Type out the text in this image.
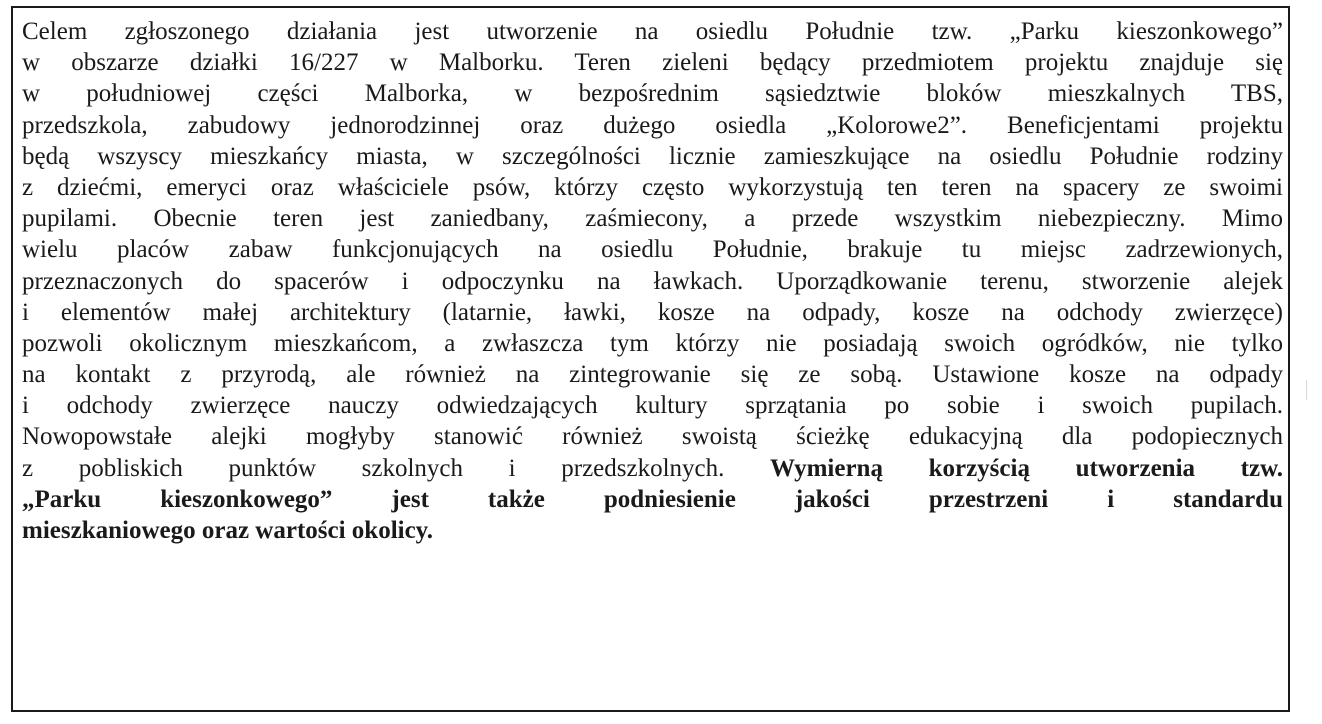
Celem zgłoszonego działania jest utworzenie na osiedlu Południe tzw. „Parku kieszonkowego”
w obszarze działki 16/227 w Malborku. Teren zieleni będący przedmiotem projektu znajduje się
w południowej części Malborka, w bezpośrednim sąsiedztwie bloków mieszkalnych TBS,
przedszkola, zabudowy jednorodzinnej oraz dużego osiedla „Kolorowe2”. Beneficjentami projektu
będą wszyscy mieszkańcy miasta, w szczególności licznie zamieszkujące na osiedlu Południe rodziny
z dziećmi, emeryci oraz właściciele psów, którzy często wykorzystują ten teren na spacery ze swoimi
pupilami. Obecnie teren jest zaniedbany, zaśmiecony, a przede wszystkim niebezpieczny. Mimo
wielu placów zabaw funkcjonujących na osiedlu Południe, brakuje tu miejsc zadrzewionych,
przeznaczonych do spacerów i odpoczynku na ławkach. Uporządkowanie terenu, stworzenie alejek
i elementów małej architektury (latarnie, ławki, kosze na odpady, kosze na odchody zwierzęce)
pozwoli okolicznym mieszkańcom, a zwłaszcza tym którzy nie posiadają swoich ogródków, nie tylko
na kontakt z przyrodą, ale również na zintegrowanie się ze sobą. Ustawione kosze na odpady
i odchody zwierzęce nauczy odwiedzających kultury sprzątania po sobie i swoich pupilach.
Nowopowstałe alejki mogłyby stanowić również swoistą ścieżkę edukacyjną dla podopiecznych
z pobliskich punktów szkolnych i przedszkolnych. Wymierną korzyścią utworzenia tzw.
„Parku kieszonkowego” jest także podniesienie jakości przestrzeni i standardu
mieszkaniowego oraz wartości okolicy.
